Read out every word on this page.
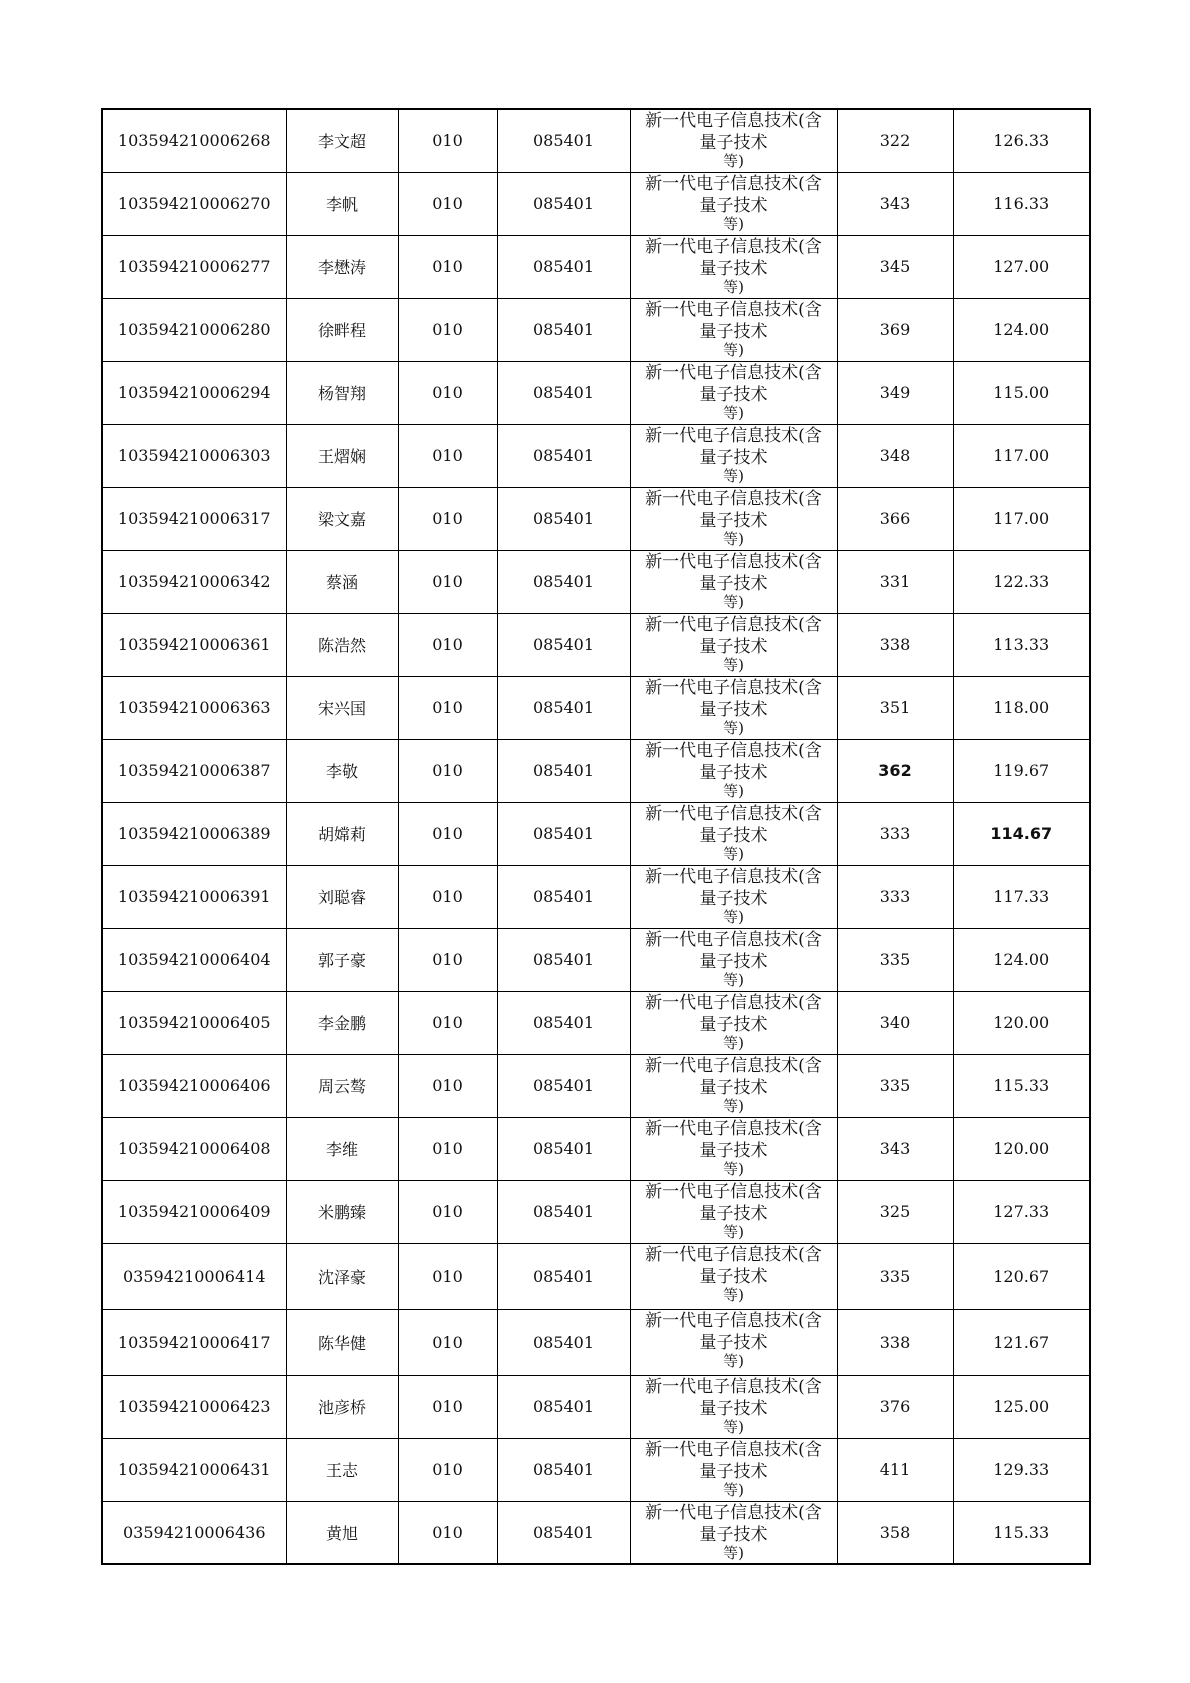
103594210006268	李文超	010	085401	新一代电子信息技术(含
量子技术
等)	322	126.33
103594210006270	李帆	010	085401	新一代电子信息技术(含
量子技术
等)	343	116.33
103594210006277	李懋涛	010	085401	新一代电子信息技术(含
量子技术
等)	345	127.00
103594210006280	徐畔程	010	085401	新一代电子信息技术(含
量子技术
等)	369	124.00
103594210006294	杨智翔	010	085401	新一代电子信息技术(含
量子技术
等)	349	115.00
103594210006303	王熠娴	010	085401	新一代电子信息技术(含
量子技术
等)	348	117.00
103594210006317	梁文嘉	010	085401	新一代电子信息技术(含
量子技术
等)	366	117.00
103594210006342	蔡涵	010	085401	新一代电子信息技术(含
量子技术
等)	331	122.33
103594210006361	陈浩然	010	085401	新一代电子信息技术(含
量子技术
等)	338	113.33
103594210006363	宋兴国	010	085401	新一代电子信息技术(含
量子技术
等)	351	118.00
103594210006387	李敬	010	085401	新一代电子信息技术(含
量子技术
等)	362	119.67
103594210006389	胡嫦莉	010	085401	新一代电子信息技术(含
量子技术
等)	333	114.67
103594210006391	刘聪睿	010	085401	新一代电子信息技术(含
量子技术
等)	333	117.33
103594210006404	郭子豪	010	085401	新一代电子信息技术(含
量子技术
等)	335	124.00
103594210006405	李金鹏	010	085401	新一代电子信息技术(含
量子技术
等)	340	120.00
103594210006406	周云骜	010	085401	新一代电子信息技术(含
量子技术
等)	335	115.33
103594210006408	李维	010	085401	新一代电子信息技术(含
量子技术
等)	343	120.00
103594210006409	米鹏臻	010	085401	新一代电子信息技术(含
量子技术
等)	325	127.33
03594210006414	沈泽豪	010	085401	新一代电子信息技术(含
量子技术
等)	335	120.67
103594210006417	陈华健	010	085401	新一代电子信息技术(含
量子技术
等)	338	121.67
103594210006423	池彦桥	010	085401	新一代电子信息技术(含
量子技术
等)	376	125.00
103594210006431	王志	010	085401	新一代电子信息技术(含
量子技术
等)	411	129.33
03594210006436	黄旭	010	085401	新一代电子信息技术(含
量子技术
等)	358	115.33
